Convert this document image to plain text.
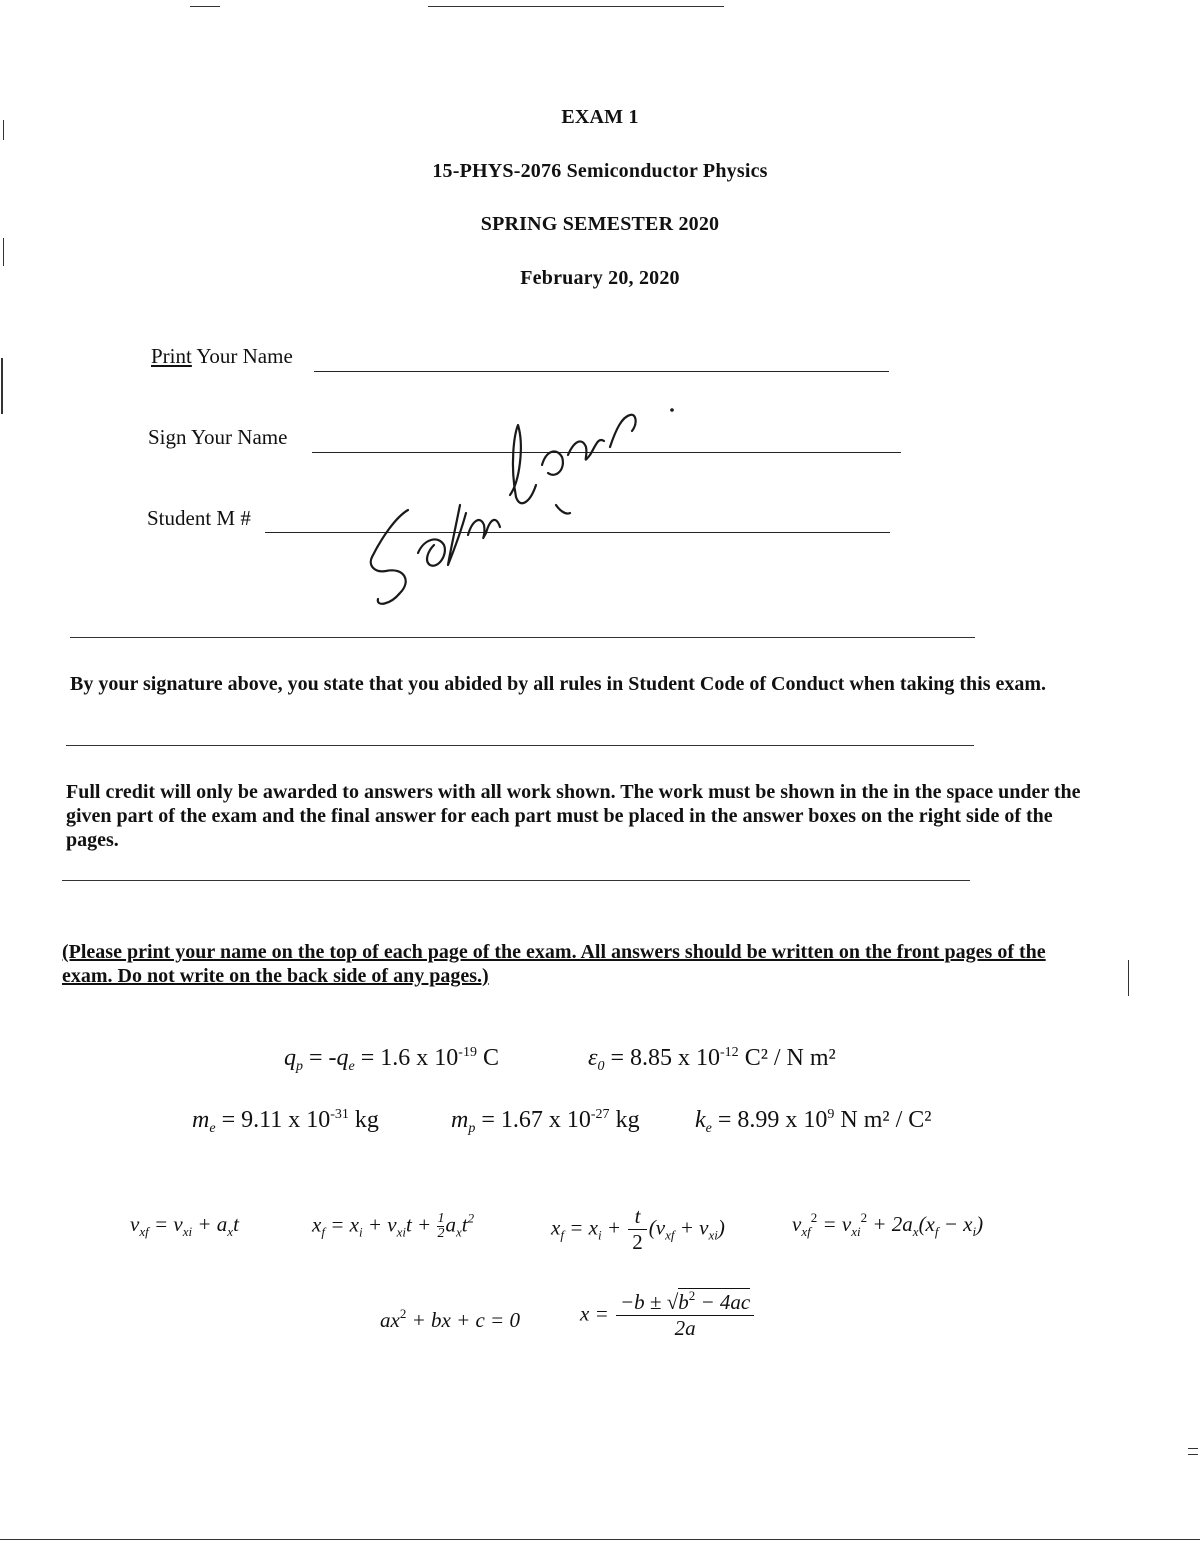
EXAM 1
15-PHYS-2076 Semiconductor Physics
SPRING SEMESTER 2020
February 20, 2020
Print Your Name
Sign Your Name
Student M #
By your signature above, you state that you abided by all rules in Student Code of Conduct when taking this exam.
Full credit will only be awarded to answers with all work shown. The work must be shown in the in the space under the given part of the exam and the final answer for each part must be placed in the answer boxes on the right side of the pages.
(Please print your name on the top of each page of the exam. All answers should be written on the front pages of the exam. Do not write on the back side of any pages.)
$q_p = -q_e = 1.6$ x $10^{-19}$ C	$\varepsilon_0 = 8.85$ x $10^{-12}$ C² / N m²
$m_e = 9.11$ x $10^{-31}$ kg	$m_p = 1.67$ x $10^{-27}$ kg $k_e = 8.99$ x $10^9$ N m² / C²
$v_{xf} = v_{xi} + a_xt$	$x_f = x_i + v_{xi}t + \frac{1}{2}a_xt^2$	$x_f = x_i + \frac{t}{2} (v_{xf} + v_{xi})$	$v_{xf}^2 = v_{xi}^2 + 2a_x(x_f - x_i)$
$ax^2$ + bx + c = 0	$x = \frac{-b \pm √b^2 - 4ac}{2a}$
